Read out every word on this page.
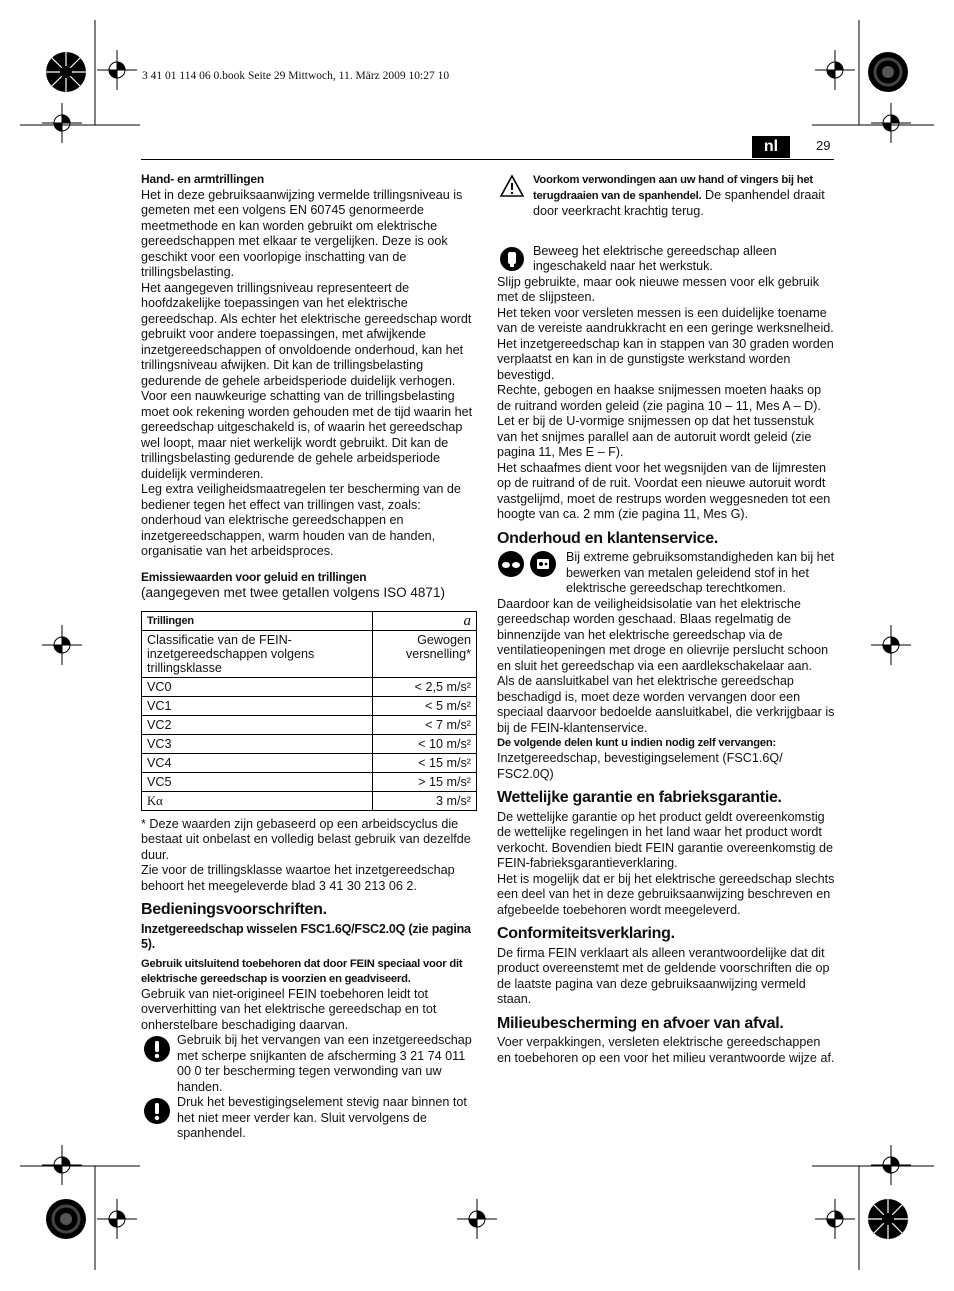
3 41 01 114 06 0.book Seite 29 Mittwoch, 11. März 2009 10:27 10
nl	29

Hand- en armtrillingen

Het in deze gebruiksaanwijzing vermelde trillingsniveau is gemeten met een volgens EN 60745 genormeerde meetmethode en kan worden gebruikt om elektrische gereedschappen met elkaar te vergelijken. Deze is ook geschikt voor een voorlopige inschatting van de trillingsbelasting.

Het aangegeven trillingsniveau representeert de hoofdzakelijke toepassingen van het elektrische gereedschap. Als echter het elektrische gereedschap wordt gebruikt voor andere toepassingen, met afwijkende inzetgereedschappen of onvoldoende onderhoud, kan het trillingsniveau afwijken. Dit kan de trillingsbelasting gedurende de gehele arbeidsperiode duidelijk verhogen.

Voor een nauwkeurige schatting van de trillingsbelasting moet ook rekening worden gehouden met de tijd waarin het gereedschap uitgeschakeld is, of waarin het gereedschap wel loopt, maar niet werkelijk wordt gebruikt. Dit kan de trillingsbelasting gedurende de gehele arbeidsperiode duidelijk verminderen.

Leg extra veiligheidsmaatregelen ter bescherming van de bediener tegen het effect van trillingen vast, zoals: onderhoud van elektrische gereedschappen en inzetgereedschappen, warm houden van de handen, organisatie van het arbeidsproces.

Emissiewaarden voor geluid en trillingen

(aangegeven met twee getallen volgens ISO 4871)

Trillingen	a
Classificatie van de FEIN-inzetgereedschappen volgens trillingsklasse	Gewogen versnelling*
VC0	< 2,5 m/s²
VC1	< 5 m/s²
VC2	< 7 m/s²
VC3	< 10 m/s²
VC4	< 15 m/s²
VC5	> 15 m/s²
Kα	3 m/s²

* Deze waarden zijn gebaseerd op een arbeidscyclus die bestaat uit onbelast en volledig belast gebruik van dezelfde duur.

Zie voor de trillingsklasse waartoe het inzetgereedschap behoort het meegeleverde blad 3 41 30 213 06 2.

Bedieningsvoorschriften.

Inzetgereedschap wisselen FSC1.6Q/FSC2.0Q (zie pagina 5).

Gebruik uitsluitend toebehoren dat door FEIN speciaal voor dit elektrische gereedschap is voorzien en geadviseerd.

Gebruik van niet-origineel FEIN toebehoren leidt tot oververhitting van het elektrische gereedschap en tot onherstelbare beschadiging daarvan.

Gebruik bij het vervangen van een inzetgereedschap met scherpe snijkanten de afscherming 3 21 74 011 00 0 ter bescherming tegen verwonding van uw handen.

Druk het bevestigingselement stevig naar binnen tot het niet meer verder kan. Sluit vervolgens de spanhendel.

Voorkom verwondingen aan uw hand of vingers bij het terugdraaien van de spanhendel. De spanhendel draait door veerkracht krachtig terug.

Beweeg het elektrische gereedschap alleen ingeschakeld naar het werkstuk.

Slijp gebruikte, maar ook nieuwe messen voor elk gebruik met de slijpsteen.

Het teken voor versleten messen is een duidelijke toename van de vereiste aandrukkracht en een geringe werksnelheid.

Het inzetgereedschap kan in stappen van 30 graden worden verplaatst en kan in de gunstigste werkstand worden bevestigd.

Rechte, gebogen en haakse snijmessen moeten haaks op de ruitrand worden geleid (zie pagina 10 – 11, Mes A – D).

Let er bij de U-vormige snijmessen op dat het tussenstuk van het snijmes parallel aan de autoruit wordt geleid (zie pagina 11, Mes E – F).

Het schaafmes dient voor het wegsnijden van de lijmresten op de ruitrand of de ruit. Voordat een nieuwe autoruit wordt vastgelijmd, moet de restrups worden weggesneden tot een hoogte van ca. 2 mm (zie pagina 11, Mes G).

Onderhoud en klantenservice.

Bij extreme gebruiksomstandigheden kan bij het bewerken van metalen geleidend stof in het elektrische gereedschap terechtkomen.

Daardoor kan de veiligheidsisolatie van het elektrische gereedschap worden geschaad. Blaas regelmatig de binnenzijde van het elektrische gereedschap via de ventilatieopeningen met droge en olievrije perslucht schoon en sluit het gereedschap via een aardlekschakelaar aan.

Als de aansluitkabel van het elektrische gereedschap beschadigd is, moet deze worden vervangen door een speciaal daarvoor bedoelde aansluitkabel, die verkrijgbaar is bij de FEIN-klantenservice.

De volgende delen kunt u indien nodig zelf vervangen:

Inzetgereedschap, bevestigingselement (FSC1.6Q/ FSC2.0Q)

Wettelijke garantie en fabrieksgarantie.

De wettelijke garantie op het product geldt overeenkomstig de wettelijke regelingen in het land waar het product wordt verkocht. Bovendien biedt FEIN garantie overeenkomstig de FEIN-fabrieksgarantieverklaring.

Het is mogelijk dat er bij het elektrische gereedschap slechts een deel van het in deze gebruiksaanwijzing beschreven en afgebeelde toebehoren wordt meegeleverd.

Conformiteitsverklaring.

De firma FEIN verklaart als alleen verantwoordelijke dat dit product overeenstemt met de geldende voorschriften die op de laatste pagina van deze gebruiksaanwijzing vermeld staan.

Milieubescherming en afvoer van afval.

Voer verpakkingen, versleten elektrische gereedschappen en toebehoren op een voor het milieu verantwoorde wijze af.
